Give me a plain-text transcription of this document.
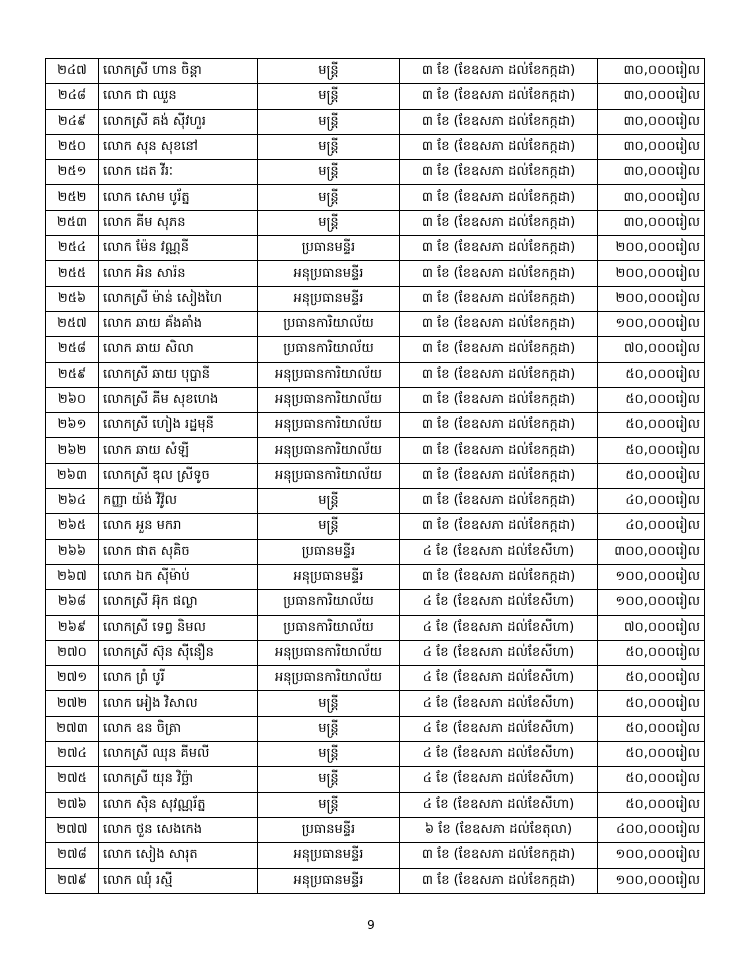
២៤៧	លោកស្រី ហាន ចិន្តា	មន្ត្រី	៣ ខែ (ខែឧសភា ដល់ខែកក្កដា)	៣០,០០០រៀល
២៤៨	លោក ជា ឈួន	មន្ត្រី	៣ ខែ (ខែឧសភា ដល់ខែកក្កដា)	៣០,០០០រៀល
២៤៩	លោកស្រី គង់ ស៊ីវហួរ	មន្ត្រី	៣ ខែ (ខែឧសភា ដល់ខែកក្កដា)	៣០,០០០រៀល
២៥០	លោក សុន សុខនៅ	មន្ត្រី	៣ ខែ (ខែឧសភា ដល់ខែកក្កដា)	៣០,០០០រៀល
២៥១	លោក ដេត វីរៈ	មន្ត្រី	៣ ខែ (ខែឧសភា ដល់ខែកក្កដា)	៣០,០០០រៀល
២៥២	លោក សោម បូរ័ត្ន	មន្ត្រី	៣ ខែ (ខែឧសភា ដល់ខែកក្កដា)	៣០,០០០រៀល
២៥៣	លោក គីម សុភន	មន្ត្រី	៣ ខែ (ខែឧសភា ដល់ខែកក្កដា)	៣០,០០០រៀល
២៥៤	លោក ម៉ែន វណ្ណនី	ប្រធានមន្ទីរ	៣ ខែ (ខែឧសភា ដល់ខែកក្កដា)	២០០,០០០រៀល
២៥៥	លោក អិន សារ៉ន	អនុប្រធានមន្ទីរ	៣ ខែ (ខែឧសភា ដល់ខែកក្កដា)	២០០,០០០រៀល
២៥៦	លោកស្រី ម៉ាន់ សៀងហៃ	អនុប្រធានមន្ទីរ	៣ ខែ (ខែឧសភា ដល់ខែកក្កដា)	២០០,០០០រៀល
២៥៧	លោក ឆាយ គ័ងគាំង	ប្រធានការិយាល័យ	៣ ខែ (ខែឧសភា ដល់ខែកក្កដា)	១០០,០០០រៀល
២៥៨	លោក ឆាយ សិលា	ប្រធានការិយាល័យ	៣ ខែ (ខែឧសភា ដល់ខែកក្កដា)	៧០,០០០រៀល
២៥៩	លោកស្រី ឆាយ បុប្ផានី	អនុប្រធានការិយាល័យ	៣ ខែ (ខែឧសភា ដល់ខែកក្កដា)	៥០,០០០រៀល
២៦០	លោកស្រី គីម សុខហេង	អនុប្រធានការិយាល័យ	៣ ខែ (ខែឧសភា ដល់ខែកក្កដា)	៥០,០០០រៀល
២៦១	លោកស្រី ហៀង រដ្ឋមុនី	អនុប្រធានការិយាល័យ	៣ ខែ (ខែឧសភា ដល់ខែកក្កដា)	៥០,០០០រៀល
២៦២	លោក ឆាយ សំឡី	អនុប្រធានការិយាល័យ	៣ ខែ (ខែឧសភា ដល់ខែកក្កដា)	៥០,០០០រៀល
២៦៣	លោកស្រី ឌុល ស្រីទូច	អនុប្រធានការិយាល័យ	៣ ខែ (ខែឧសភា ដល់ខែកក្កដា)	៥០,០០០រៀល
២៦៤	កញ្ញា យ៉ង់ វិវ៉ូល	មន្ត្រី	៣ ខែ (ខែឧសភា ដល់ខែកក្កដា)	៤០,០០០រៀល
២៦៥	លោក អួន មករា	មន្ត្រី	៣ ខែ (ខែឧសភា ដល់ខែកក្កដា)	៤០,០០០រៀល
២៦៦	លោក ផាត សុគិច	ប្រធានមន្ទីរ	៤ ខែ (ខែឧសភា ដល់ខែសីហា)	៣០០,០០០រៀល
២៦៧	លោក ឯក ស៊ីម៉ាប់	អនុប្រធានមន្ទីរ	៣ ខែ (ខែឧសភា ដល់ខែកក្កដា)	១០០,០០០រៀល
២៦៨	លោកស្រី អ៊ុក ផល្លា	ប្រធានការិយាល័យ	៤ ខែ (ខែឧសភា ដល់ខែសីហា)	១០០,០០០រៀល
២៦៩	លោកស្រី ទេព្វ និមល	ប្រធានការិយាល័យ	៤ ខែ (ខែឧសភា ដល់ខែសីហា)	៧០,០០០រៀល
២៧០	លោកស្រី ស៊ុន ស៊ីនឿន	អនុប្រធានការិយាល័យ	៤ ខែ (ខែឧសភា ដល់ខែសីហា)	៥០,០០០រៀល
២៧១	លោក ព្រំ បូរី	អនុប្រធានការិយាល័យ	៤ ខែ (ខែឧសភា ដល់ខែសីហា)	៥០,០០០រៀល
២៧២	លោក អៀង វិសាល	មន្ត្រី	៤ ខែ (ខែឧសភា ដល់ខែសីហា)	៥០,០០០រៀល
២៧៣	លោក ឧន ចិត្រា	មន្ត្រី	៤ ខែ (ខែឧសភា ដល់ខែសីហា)	៥០,០០០រៀល
២៧៤	លោកស្រី ឈុន គីមលី	មន្ត្រី	៤ ខែ (ខែឧសភា ដល់ខែសីហា)	៥០,០០០រៀល
២៧៥	លោកស្រី យុន វិច្ឆ៉ា	មន្ត្រី	៤ ខែ (ខែឧសភា ដល់ខែសីហា)	៥០,០០០រៀល
២៧៦	លោក ស៊ិន សុវណ្ណរ័ត្ន	មន្ត្រី	៤ ខែ (ខែឧសភា ដល់ខែសីហា)	៥០,០០០រៀល
២៧៧	លោក ថួន សេងកេង	ប្រធានមន្ទីរ	៦ ខែ (ខែឧសភា ដល់ខែតុលា)	៤០០,០០០រៀល
២៧៨	លោក សៀង សារុត	អនុប្រធានមន្ទីរ	៣ ខែ (ខែឧសភា ដល់ខែកក្កដា)	១០០,០០០រៀល
២៧៩	លោក ឈុំ រស្មី	អនុប្រធានមន្ទីរ	៣ ខែ (ខែឧសភា ដល់ខែកក្កដា)	១០០,០០០រៀល
9
